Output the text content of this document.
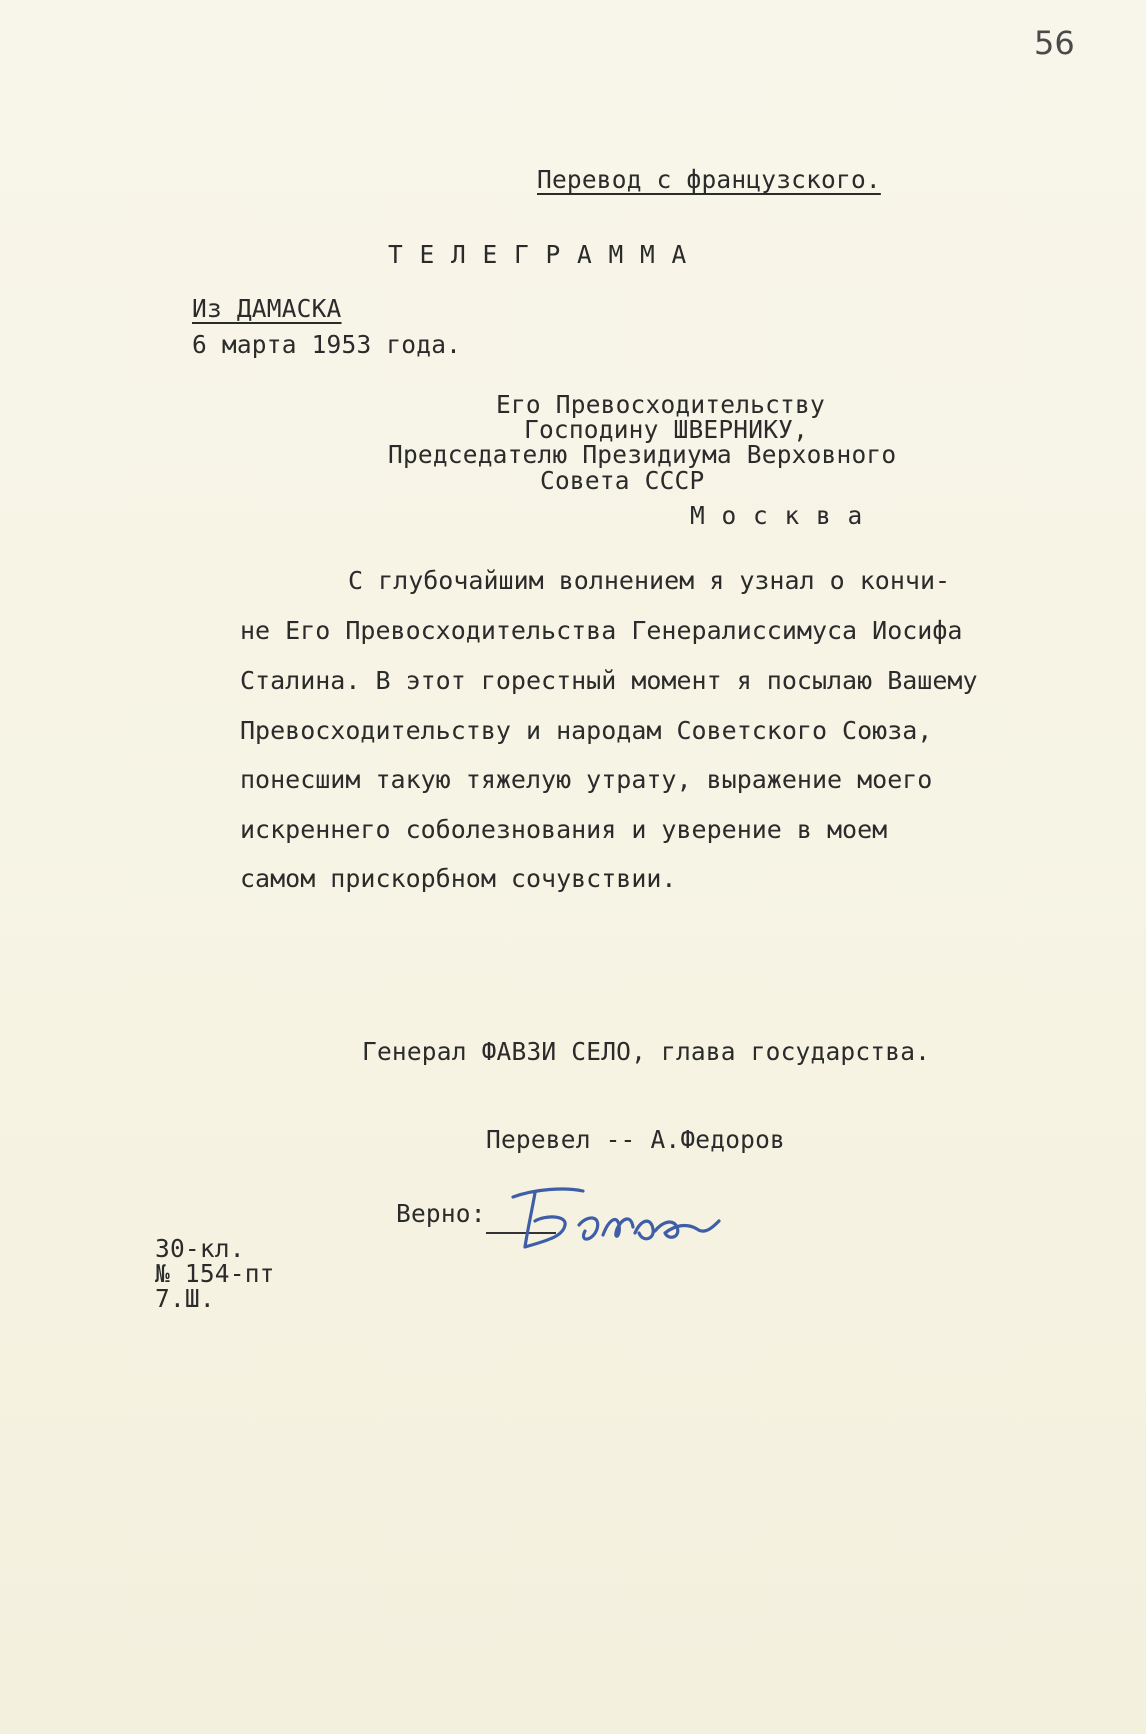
56
Перевод с французского.
Т Е Л Е Г Р А М М А
Из ДАМАСКА
6 марта 1953 года.
Его Превосходительству
Господину ШВЕРНИКУ,
Председателю Президиума Верховного
Совета СССР
М о с к в а
С глубочайшим волнением я узнал о кончи-
не Его Превосходительства Генералиссимуса Иосифа
Сталина. В этот горестный момент я посылаю Вашему
Превосходительству и народам Советского Союза,
понесшим такую тяжелую утрату, выражение моего
искреннего соболезнования и уверение в моем
самом прискорбном сочувствии.
Генерал ФАВЗИ СЕЛО, глава государства.
Перевел -- А.Федоров
Верно:
30-кл.
№ 154-пт
7.Ш.
